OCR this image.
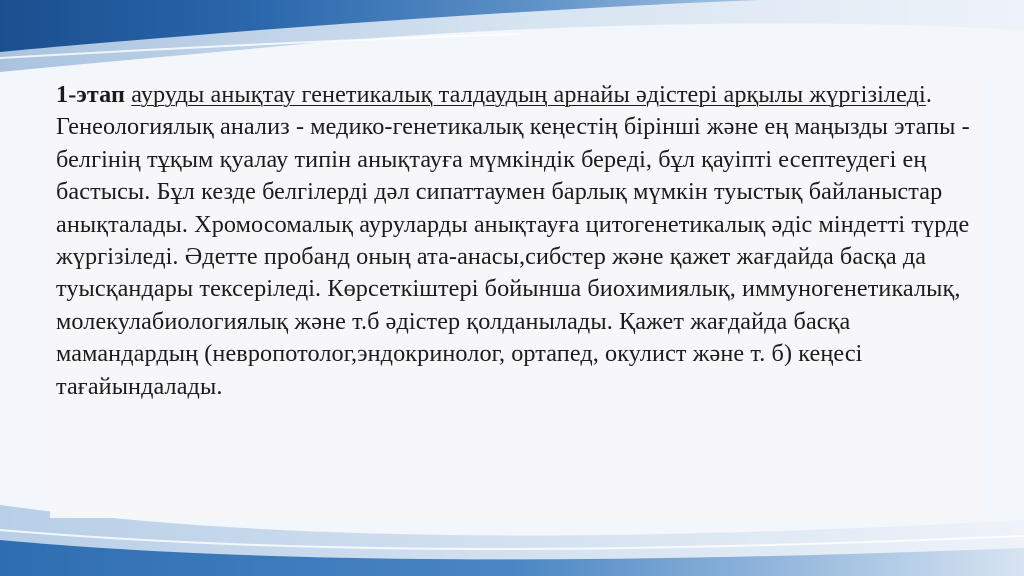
1-этап ауруды анықтау генетикалық талдаудың арнайы әдістері арқылы жүргізіледі. Генеологиялық анализ - медико-генетикалық кеңестің бірінші және ең маңызды этапы - белгінің тұқым қуалау типін анықтауға мүмкіндік береді, бұл қауіпті есептеудегі ең бастысы. Бұл кезде белгілерді дәл сипаттаумен барлық мүмкін туыстық байланыстар анықталады. Хромосомалық ауруларды анықтауға цитогенетикалық әдіс міндетті түрде жүргізіледі. Әдетте пробанд оның ата-анасы,сибстер және қажет жағдайда басқа да туысқандары тексеріледі. Көрсеткіштері бойынша биохимиялық, иммуногенетикалық, молекулабиологиялық және т.б әдістер қолданылады. Қажет жағдайда басқа мамандардың (невропотолог,эндокринолог, ортапед, окулист және т. б) кеңесі тағайындалады.
